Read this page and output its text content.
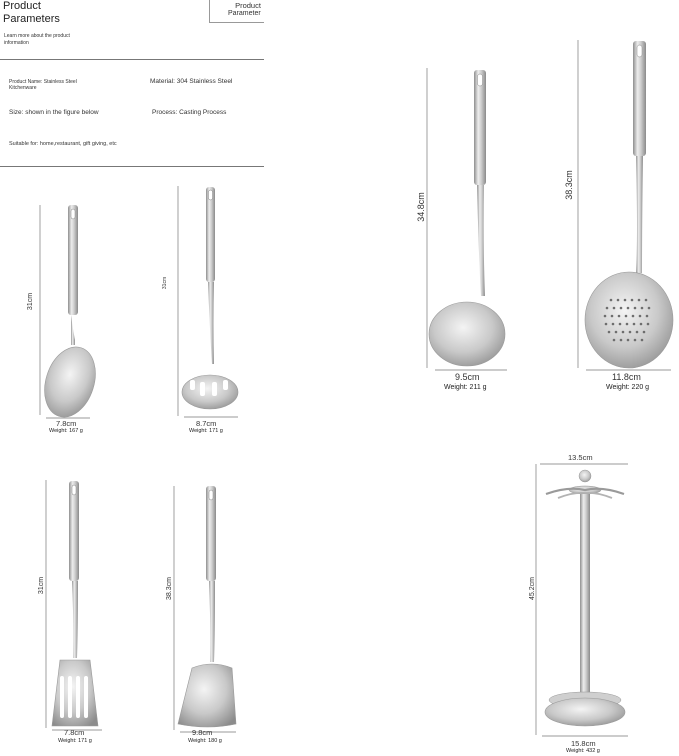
Product
Parameters
Product
Parameter
Learn more about the product information
Product Name: Stainless Steel
Kitchenware
Material: 304 Stainless Steel
Size: shown in the figure below	Process: Casting Process
Suitable for: home,restaurant, gift giving, etc
31cm
7.8cm
Weight: 167 g
31cm
8.7cm
Weight: 171 g
34.8cm
9.5cm
Weight: 211 g
38.3cm
11.8cm
Weight: 220 g
31cm
7.8cm
Weight: 171 g
38.3cm
9.8cm
Weight: 180 g
13.5cm
45.2cm
15.8cm
Weight: 432 g
